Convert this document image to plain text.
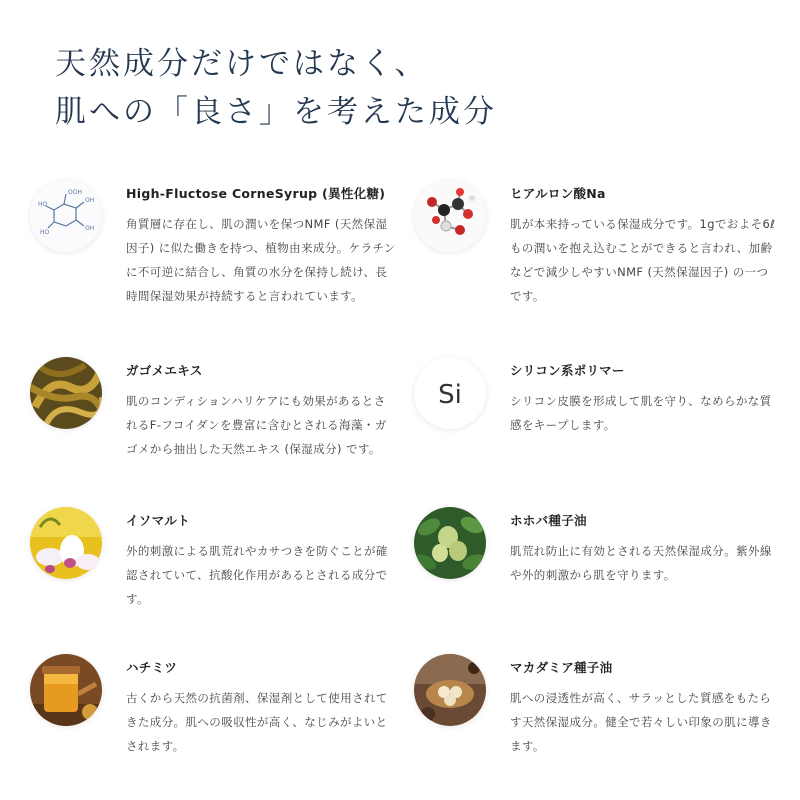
天然成分だけではなく、
肌への「良さ」を考えた成分
OOH
HO
HO
OH
OH
High-Fluctose CorneSyrup (異性化糖)
角質層に存在し、肌の潤いを保つNMF (天然保湿因子) に似た働きを持つ、植物由来成分。ケラチンに不可逆に結合し、角質の水分を保持し続け、長時間保湿効果が持続すると言われています。
ヒアルロン酸Na
肌が本来持っている保湿成分です。1gでおよそ6ℓもの潤いを抱え込むことができると言われ、加齢などで減少しやすいNMF (天然保湿因子) の一つです。
ガゴメエキス
肌のコンディションハリケアにも効果があるとされるF-フコイダンを豊富に含むとされる海藻・ガゴメから抽出した天然エキス (保湿成分) です。
Si
シリコン系ポリマー
シリコン皮膜を形成して肌を守り、なめらかな質感をキープします。
イソマルト
外的刺激による肌荒れやカサつきを防ぐことが確認されていて、抗酸化作用があるとされる成分です。
ホホバ種子油
肌荒れ防止に有効とされる天然保湿成分。紫外線や外的刺激から肌を守ります。
ハチミツ
古くから天然の抗菌剤、保湿剤として使用されてきた成分。肌への吸収性が高く、なじみがよいとされます。
マカダミア種子油
肌への浸透性が高く、サラッとした質感をもたらす天然保湿成分。健全で若々しい印象の肌に導きます。
